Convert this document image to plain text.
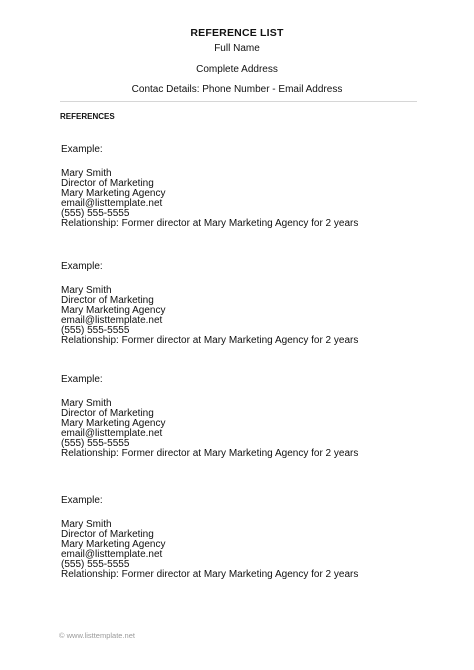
REFERENCE LIST
Full Name
Complete Address
Contac Details: Phone Number - Email Address
REFERENCES
Example:
Mary Smith
Director of Marketing
Mary Marketing Agency
email@listtemplate.net
(555) 555-5555
Relationship: Former director at Mary Marketing Agency for 2 years
Example:
Mary Smith
Director of Marketing
Mary Marketing Agency
email@listtemplate.net
(555) 555-5555
Relationship: Former director at Mary Marketing Agency for 2 years
Example:
Mary Smith
Director of Marketing
Mary Marketing Agency
email@listtemplate.net
(555) 555-5555
Relationship: Former director at Mary Marketing Agency for 2 years
Example:
Mary Smith
Director of Marketing
Mary Marketing Agency
email@listtemplate.net
(555) 555-5555
Relationship: Former director at Mary Marketing Agency for 2 years
© www.listtemplate.net
